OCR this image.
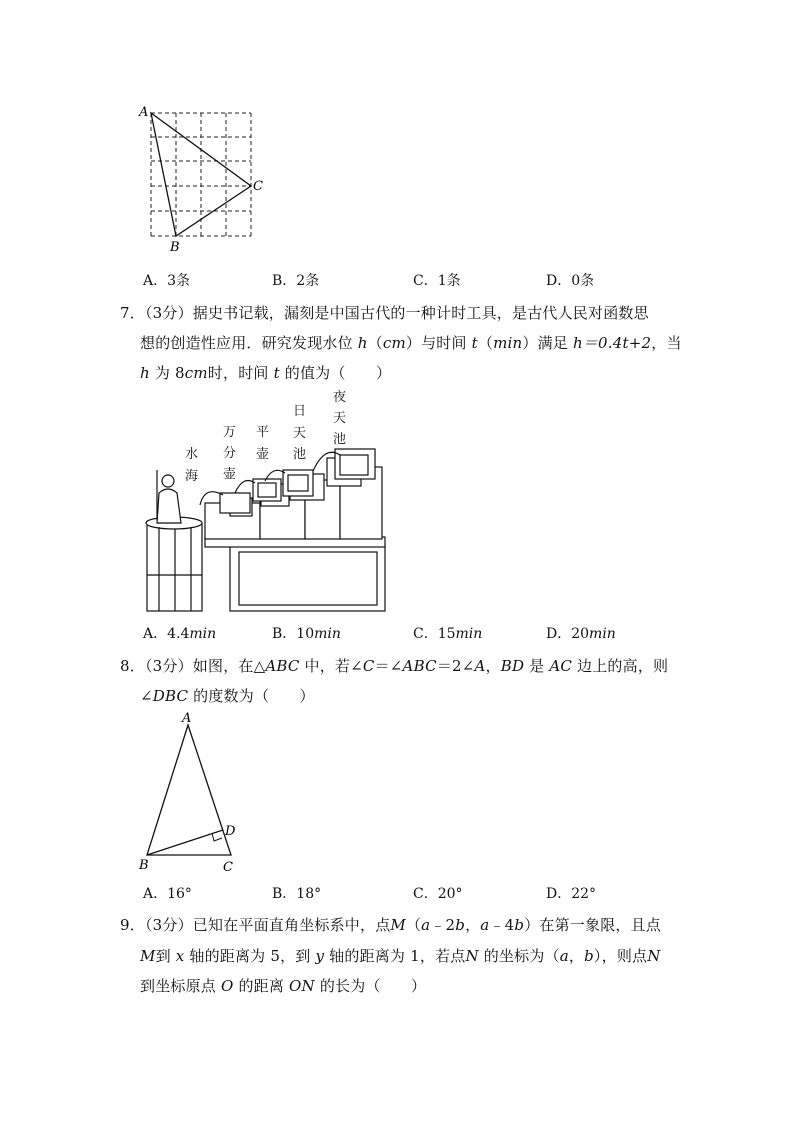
A
C
B
A．3条	B．2条	C．1条	D．0条
7．（3分）据史书记载，漏刻是中国古代的一种计时工具，是古代人民对函数思
想的创造性应用．研究发现水位 h（cm）与时间 t（min）满足 h＝0.4t+2，当
h 为 8cm时，时间 t 的值为（　　）
水
海
万
分
壶
平
壶
日
天
池
夜
天
池
A．4.4min	B．10min	C．15min	D．20min
8．（3分）如图，在△ABC 中，若∠C＝∠ABC＝2∠A，BD 是 AC 边上的高，则
∠DBC 的度数为（　　）
A
B	C
D
A．16°	B．18°	C．20°	D．22°
9．（3分）已知在平面直角坐标系中，点M（a﹣2b，a﹣4b）在第一象限，且点
M到 x 轴的距离为 5，到 y 轴的距离为 1，若点N 的坐标为（a，b），则点N
到坐标原点 O 的距离 ON 的长为（　　）
